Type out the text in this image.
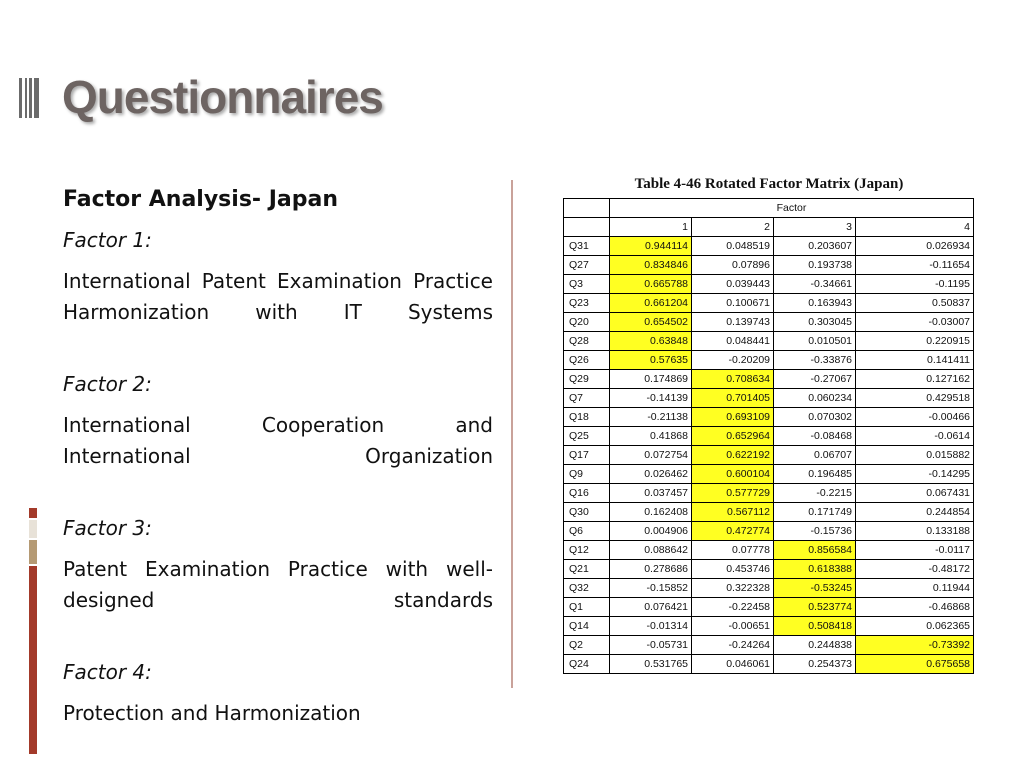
Questionnaires
Factor Analysis- Japan
Factor 1:
International Patent Examination Practice Harmonization with IT Systems
Factor 2:
International Cooperation and International Organization
Factor 3:
Patent Examination Practice with well-designed standards
Factor 4:
Protection and Harmonization
Table 4-46 Rotated Factor Matrix (Japan)
	Factor			
	1	2	3	4
Q31	0.944114	0.048519	0.203607	0.026934
Q27	0.834846	0.07896	0.193738	-0.11654
Q3	0.665788	0.039443	-0.34661	-0.1195
Q23	0.661204	0.100671	0.163943	0.50837
Q20	0.654502	0.139743	0.303045	-0.03007
Q28	0.63848	0.048441	0.010501	0.220915
Q26	0.57635	-0.20209	-0.33876	0.141411
Q29	0.174869	0.708634	-0.27067	0.127162
Q7	-0.14139	0.701405	0.060234	0.429518
Q18	-0.21138	0.693109	0.070302	-0.00466
Q25	0.41868	0.652964	-0.08468	-0.0614
Q17	0.072754	0.622192	0.06707	0.015882
Q9	0.026462	0.600104	0.196485	-0.14295
Q16	0.037457	0.577729	-0.2215	0.067431
Q30	0.162408	0.567112	0.171749	0.244854
Q6	0.004906	0.472774	-0.15736	0.133188
Q12	0.088642	0.07778	0.856584	-0.0117
Q21	0.278686	0.453746	0.618388	-0.48172
Q32	-0.15852	0.322328	-0.53245	0.11944
Q1	0.076421	-0.22458	0.523774	-0.46868
Q14	-0.01314	-0.00651	0.508418	0.062365
Q2	-0.05731	-0.24264	0.244838	-0.73392
Q24	0.531765	0.046061	0.254373	0.675658
